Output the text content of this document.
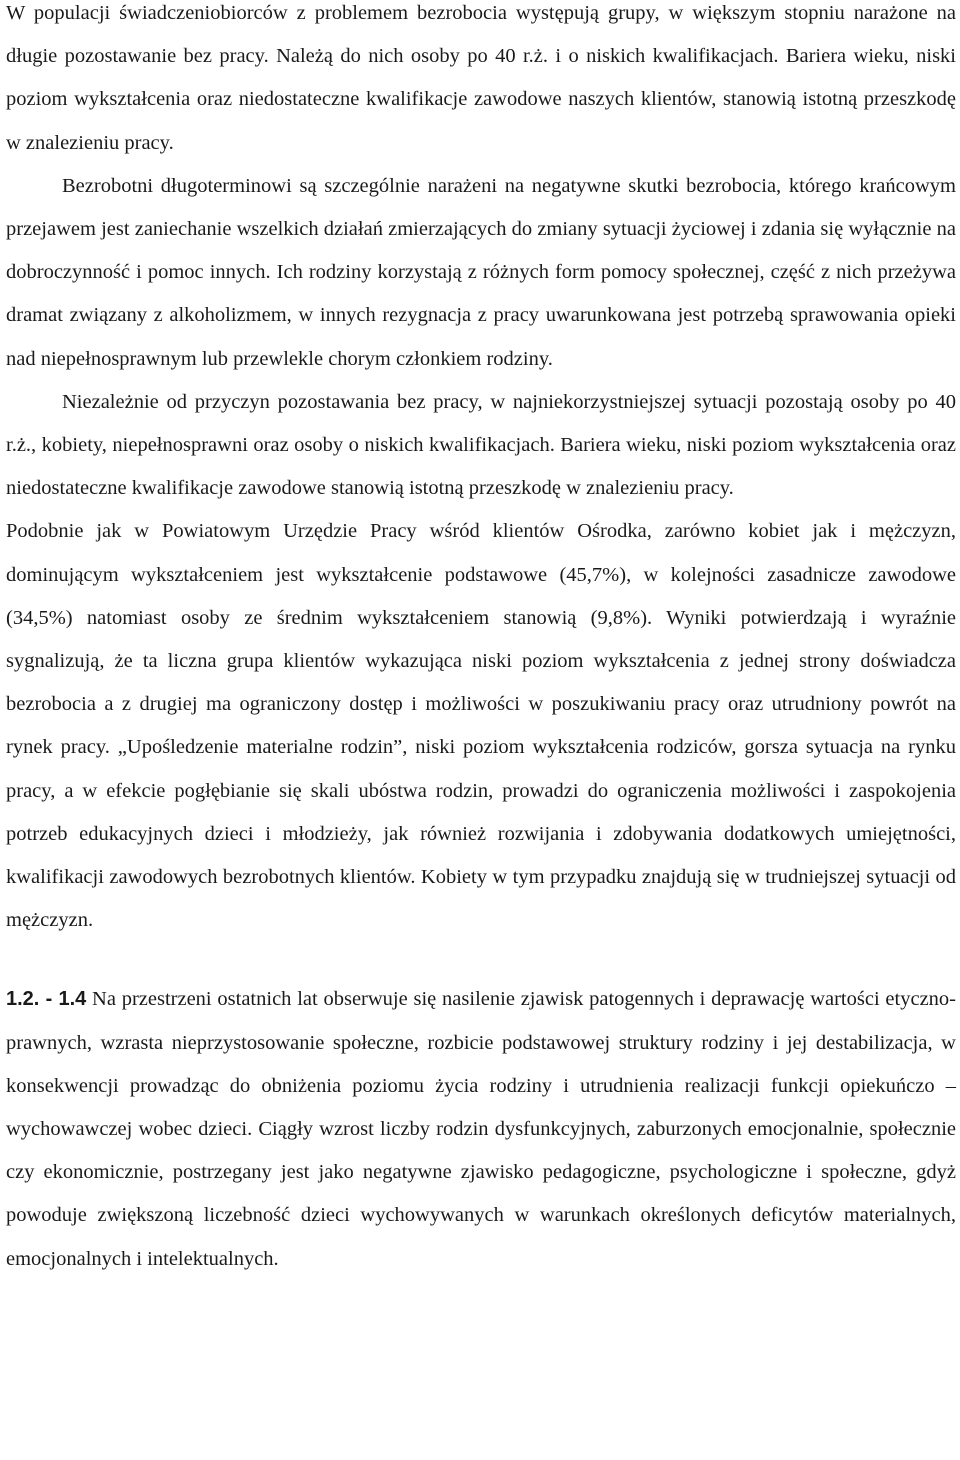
W populacji świadczeniobiorców z problemem bezrobocia występują grupy, w większym stopniu narażone na długie pozostawanie bez pracy. Należą do nich osoby po 40 r.ż. i o niskich kwalifikacjach. Bariera wieku, niski poziom wykształcenia oraz niedostateczne kwalifikacje zawodowe naszych klientów, stanowią istotną przeszkodę w znalezieniu pracy.

Bezrobotni długoterminowi są szczególnie narażeni na negatywne skutki bezrobocia, którego krańcowym przejawem jest zaniechanie wszelkich działań zmierzających do zmiany sytuacji życiowej i zdania się wyłącznie na dobroczynność i pomoc innych. Ich rodziny korzystają z różnych form pomocy społecznej, część z nich przeżywa dramat związany z alkoholizmem, w innych rezygnacja z pracy uwarunkowana jest potrzebą sprawowania opieki nad niepełnosprawnym lub przewlekle chorym członkiem rodziny.

Niezależnie od przyczyn pozostawania bez pracy, w najniekorzystniejszej sytuacji pozostają osoby po 40 r.ż., kobiety, niepełnosprawni oraz osoby o niskich kwalifikacjach. Bariera wieku, niski poziom wykształcenia oraz niedostateczne kwalifikacje zawodowe stanowią istotną przeszkodę w znalezieniu pracy.

Podobnie jak w Powiatowym Urzędzie Pracy wśród klientów Ośrodka, zarówno kobiet jak i mężczyzn, dominującym wykształceniem jest wykształcenie podstawowe (45,7%), w kolejności zasadnicze zawodowe (34,5%) natomiast osoby ze średnim wykształceniem stanowią (9,8%). Wyniki potwierdzają i wyraźnie sygnalizują, że ta liczna grupa klientów wykazująca niski poziom wykształcenia z jednej strony doświadcza bezrobocia a z drugiej ma ograniczony dostęp i możliwości w poszukiwaniu pracy oraz utrudniony powrót na rynek pracy. „Upośledzenie materialne rodzin”, niski poziom wykształcenia rodziców, gorsza sytuacja na rynku pracy, a w efekcie pogłębianie się skali ubóstwa rodzin, prowadzi do ograniczenia możliwości i zaspokojenia potrzeb edukacyjnych dzieci i młodzieży, jak również rozwijania i zdobywania dodatkowych umiejętności, kwalifikacji zawodowych bezrobotnych klientów. Kobiety w tym przypadku znajdują się w trudniejszej sytuacji od mężczyzn.

1.2. - 1.4 Na przestrzeni ostatnich lat obserwuje się nasilenie zjawisk patogennych i deprawację wartości etyczno-prawnych, wzrasta nieprzystosowanie społeczne, rozbicie podstawowej struktury rodziny i jej destabilizacja, w konsekwencji prowadząc do obniżenia poziomu życia rodziny i utrudnienia realizacji funkcji opiekuńczo – wychowawczej wobec dzieci. Ciągły wzrost liczby rodzin dysfunkcyjnych, zaburzonych emocjonalnie, społecznie czy ekonomicznie, postrzegany jest jako negatywne zjawisko pedagogiczne, psychologiczne i społeczne, gdyż powoduje zwiększoną liczebność dzieci wychowywanych w warunkach określonych deficytów materialnych, emocjonalnych i intelektualnych.
